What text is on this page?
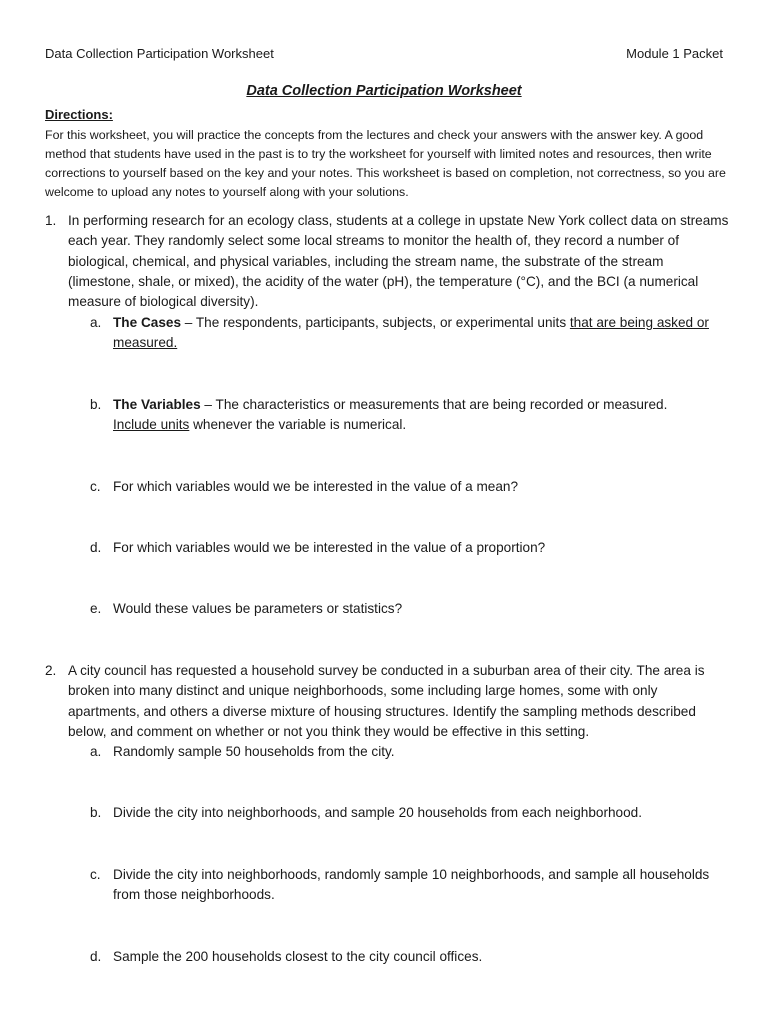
Data Collection Participation Worksheet	Module 1 Packet
Data Collection Participation Worksheet
Directions:
For this worksheet, you will practice the concepts from the lectures and check your answers with the answer key. A good method that students have used in the past is to try the worksheet for yourself with limited notes and resources, then write corrections to yourself based on the key and your notes. This worksheet is based on completion, not correctness, so you are welcome to upload any notes to yourself along with your solutions.
1. In performing research for an ecology class, students at a college in upstate New York collect data on streams each year. They randomly select some local streams to monitor the health of, they record a number of biological, chemical, and physical variables, including the stream name, the substrate of the stream (limestone, shale, or mixed), the acidity of the water (pH), the temperature (°C), and the BCI (a numerical measure of biological diversity).
a. The Cases – The respondents, participants, subjects, or experimental units that are being asked or measured.
b. The Variables – The characteristics or measurements that are being recorded or measured. Include units whenever the variable is numerical.
c. For which variables would we be interested in the value of a mean?
d. For which variables would we be interested in the value of a proportion?
e. Would these values be parameters or statistics?
2. A city council has requested a household survey be conducted in a suburban area of their city. The area is broken into many distinct and unique neighborhoods, some including large homes, some with only apartments, and others a diverse mixture of housing structures. Identify the sampling methods described below, and comment on whether or not you think they would be effective in this setting.
a. Randomly sample 50 households from the city.
b. Divide the city into neighborhoods, and sample 20 households from each neighborhood.
c. Divide the city into neighborhoods, randomly sample 10 neighborhoods, and sample all households from those neighborhoods.
d. Sample the 200 households closest to the city council offices.
